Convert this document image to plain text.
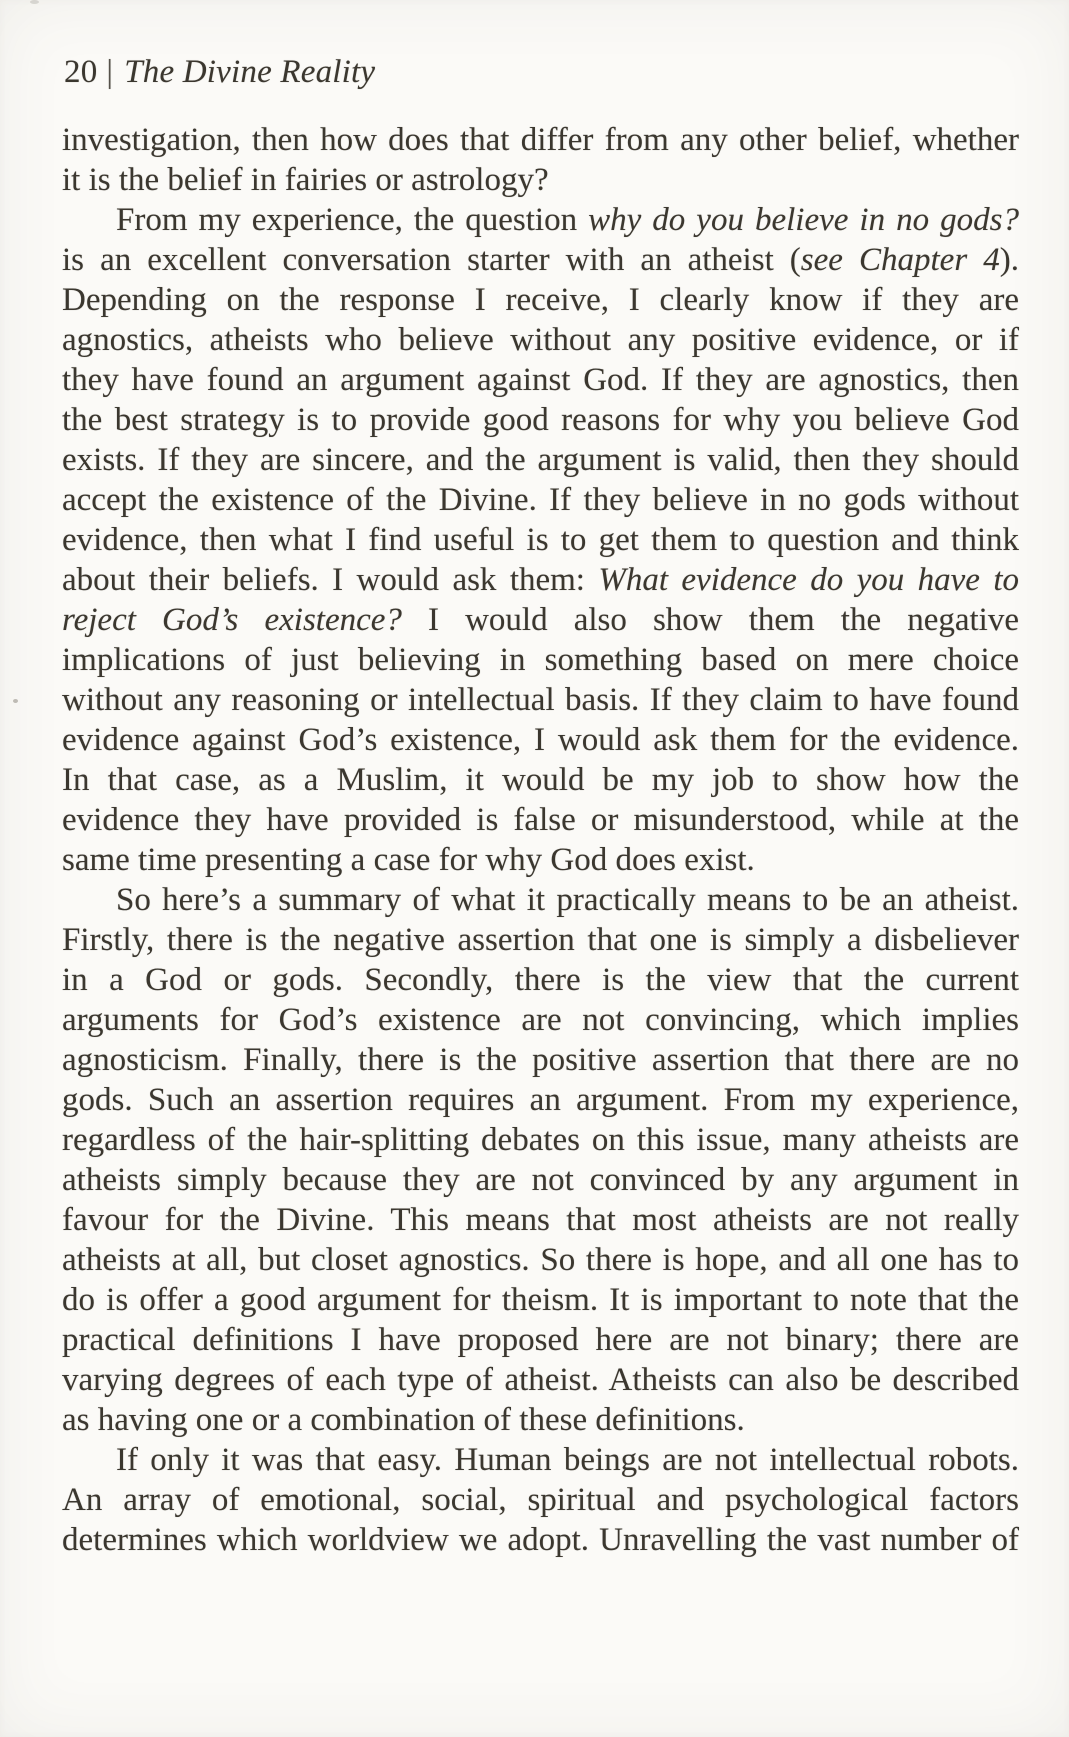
20 | The Divine Reality
investigation, then how does that differ from any other belief, whether
it is the belief in fairies or astrology?
From my experience, the question why do you believe in no gods?
is an excellent conversation starter with an atheist (see Chapter 4).
Depending on the response I receive, I clearly know if they are
agnostics, atheists who believe without any positive evidence, or if
they have found an argument against God. If they are agnostics, then
the best strategy is to provide good reasons for why you believe God
exists. If they are sincere, and the argument is valid, then they should
accept the existence of the Divine. If they believe in no gods without
evidence, then what I find useful is to get them to question and think
about their beliefs. I would ask them: What evidence do you have to
reject God’s existence? I would also show them the negative
implications of just believing in something based on mere choice
without any reasoning or intellectual basis. If they claim to have found
evidence against God’s existence, I would ask them for the evidence.
In that case, as a Muslim, it would be my job to show how the
evidence they have provided is false or misunderstood, while at the
same time presenting a case for why God does exist.
So here’s a summary of what it practically means to be an atheist.
Firstly, there is the negative assertion that one is simply a disbeliever
in a God or gods. Secondly, there is the view that the current
arguments for God’s existence are not convincing, which implies
agnosticism. Finally, there is the positive assertion that there are no
gods. Such an assertion requires an argument. From my experience,
regardless of the hair-splitting debates on this issue, many atheists are
atheists simply because they are not convinced by any argument in
favour for the Divine. This means that most atheists are not really
atheists at all, but closet agnostics. So there is hope, and all one has to
do is offer a good argument for theism. It is important to note that the
practical definitions I have proposed here are not binary; there are
varying degrees of each type of atheist. Atheists can also be described
as having one or a combination of these definitions.
If only it was that easy. Human beings are not intellectual robots.
An array of emotional, social, spiritual and psychological factors
determines which worldview we adopt. Unravelling the vast number of
